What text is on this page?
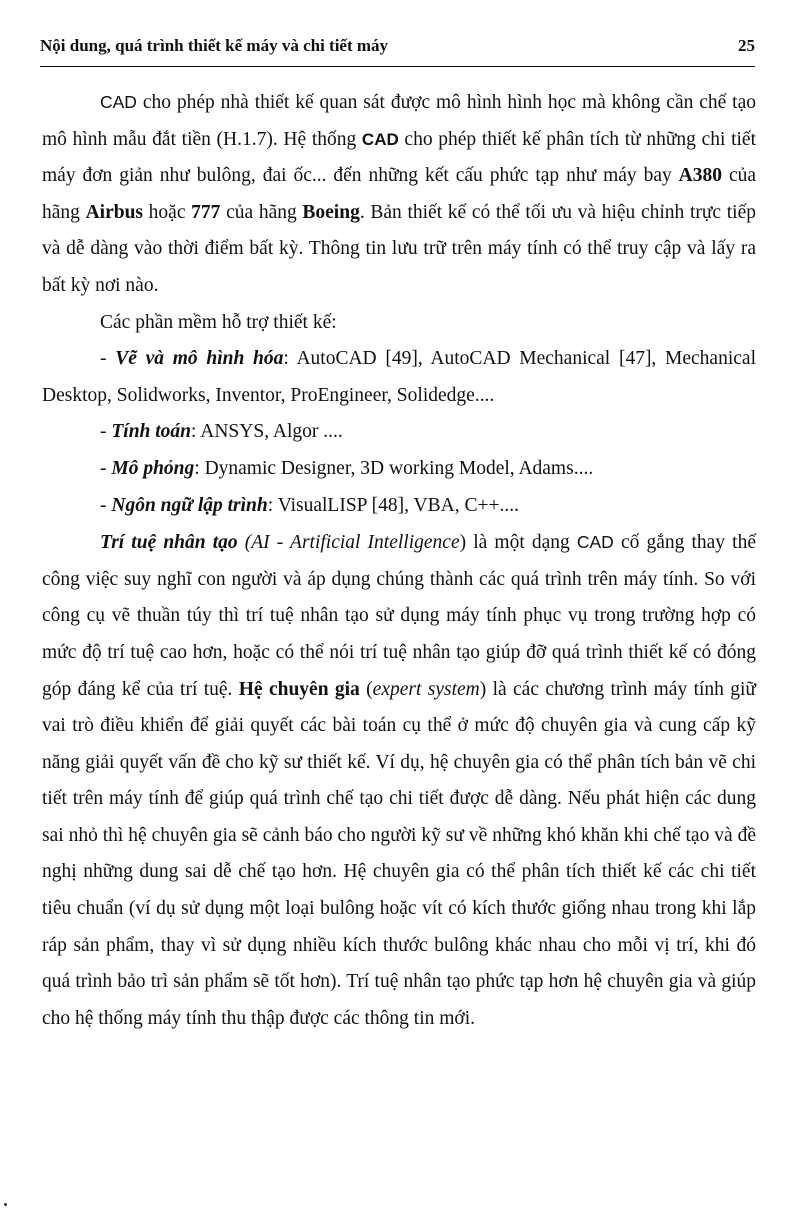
Nội dung, quá trình thiết kế máy và chi tiết máy	25

CAD cho phép nhà thiết kế quan sát được mô hình hình học mà không cần chế tạo mô hình mẫu đắt tiền (H.1.7). Hệ thống CAD cho phép thiết kế phân tích từ những chi tiết máy đơn giản như bulông, đai ốc... đến những kết cấu phức tạp như máy bay A380 của hãng Airbus hoặc 777 của hãng Boeing. Bản thiết kế có thể tối ưu và hiệu chỉnh trực tiếp và dễ dàng vào thời điểm bất kỳ. Thông tin lưu trữ trên máy tính có thể truy cập và lấy ra bất kỳ nơi nào.

Các phần mềm hỗ trợ thiết kế:

- Vẽ và mô hình hóa: AutoCAD [49], AutoCAD Mechanical [47], Mechanical Desktop, Solidworks, Inventor, ProEngineer, Solidedge....

- Tính toán: ANSYS, Algor ....

- Mô phỏng: Dynamic Designer, 3D working Model, Adams....

- Ngôn ngữ lập trình: VisualLISP [48], VBA, C++....

Trí tuệ nhân tạo (AI - Artificial Intelligence) là một dạng CAD cố gắng thay thế công việc suy nghĩ con người và áp dụng chúng thành các quá trình trên máy tính. So với công cụ vẽ thuần túy thì trí tuệ nhân tạo sử dụng máy tính phục vụ trong trường hợp có mức độ trí tuệ cao hơn, hoặc có thể nói trí tuệ nhân tạo giúp đỡ quá trình thiết kế có đóng góp đáng kể của trí tuệ. Hệ chuyên gia (expert system) là các chương trình máy tính giữ vai trò điều khiển để giải quyết các bài toán cụ thể ở mức độ chuyên gia và cung cấp kỹ năng giải quyết vấn đề cho kỹ sư thiết kế. Ví dụ, hệ chuyên gia có thể phân tích bản vẽ chi tiết trên máy tính để giúp quá trình chế tạo chi tiết được dễ dàng. Nếu phát hiện các dung sai nhỏ thì hệ chuyên gia sẽ cảnh báo cho người kỹ sư về những khó khăn khi chế tạo và đề nghị những dung sai dễ chế tạo hơn. Hệ chuyên gia có thể phân tích thiết kế các chi tiết tiêu chuẩn (ví dụ sử dụng một loại bulông hoặc vít có kích thước giống nhau trong khi lắp ráp sản phẩm, thay vì sử dụng nhiều kích thước bulông khác nhau cho mỗi vị trí, khi đó quá trình bảo trì sản phẩm sẽ tốt hơn). Trí tuệ nhân tạo phức tạp hơn hệ chuyên gia và giúp cho hệ thống máy tính thu thập được các thông tin mới.
